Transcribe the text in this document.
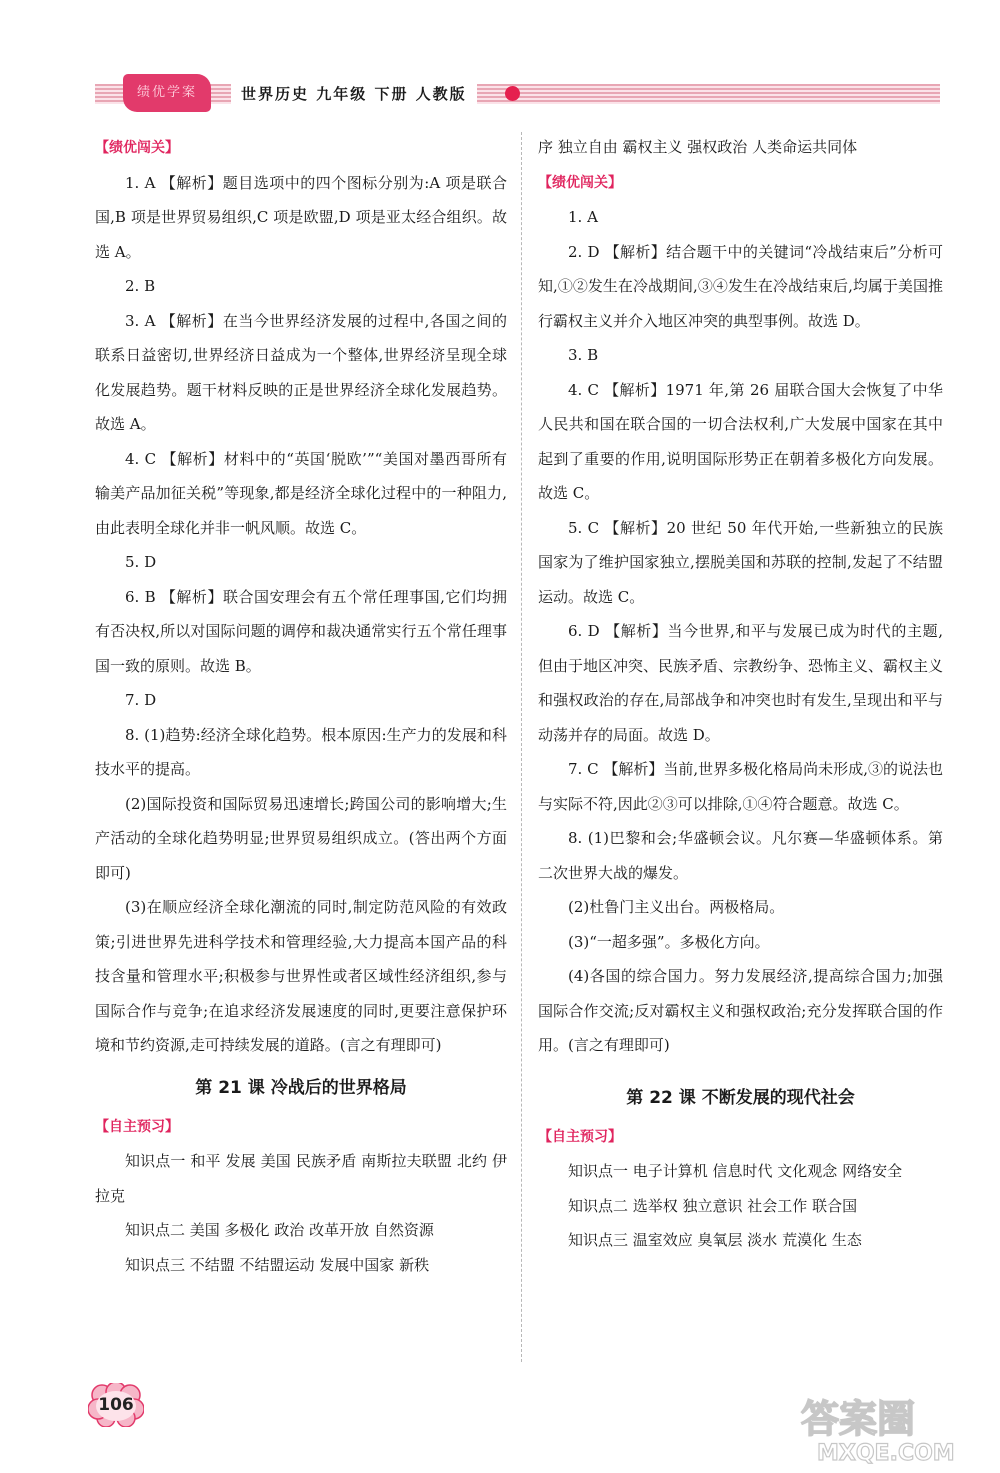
绩优学案	世界历史 九年级 下册 人教版

【绩优闯关】

1. A 【解析】题目选项中的四个图标分别为:A 项是联合国,B 项是世界贸易组织,C 项是欧盟,D 项是亚太经合组织。故选 A。

2. B

3. A 【解析】在当今世界经济发展的过程中,各国之间的联系日益密切,世界经济日益成为一个整体,世界经济呈现全球化发展趋势。题干材料反映的正是世界经济全球化发展趋势。故选 A。

4. C 【解析】材料中的“英国‘脱欧’”“美国对墨西哥所有输美产品加征关税”等现象,都是经济全球化过程中的一种阻力,由此表明全球化并非一帆风顺。故选 C。

5. D

6. B 【解析】联合国安理会有五个常任理事国,它们均拥有否决权,所以对国际问题的调停和裁决通常实行五个常任理事国一致的原则。故选 B。

7. D

8. (1)趋势:经济全球化趋势。根本原因:生产力的发展和科技水平的提高。

(2)国际投资和国际贸易迅速增长;跨国公司的影响增大;生产活动的全球化趋势明显;世界贸易组织成立。(答出两个方面即可)

(3)在顺应经济全球化潮流的同时,制定防范风险的有效政策;引进世界先进科学技术和管理经验,大力提高本国产品的科技含量和管理水平;积极参与世界性或者区域性经济组织,参与国际合作与竞争;在追求经济发展速度的同时,更要注意保护环境和节约资源,走可持续发展的道路。(言之有理即可)

第 21 课 冷战后的世界格局

【自主预习】

知识点一 和平 发展 美国 民族矛盾 南斯拉夫联盟 北约 伊拉克

知识点二 美国 多极化 政治 改革开放 自然资源

知识点三 不结盟 不结盟运动 发展中国家 新秩

序 独立自由 霸权主义 强权政治 人类命运共同体

【绩优闯关】

1. A

2. D 【解析】结合题干中的关键词“冷战结束后”分析可知,①②发生在冷战期间,③④发生在冷战结束后,均属于美国推行霸权主义并介入地区冲突的典型事例。故选 D。

3. B

4. C 【解析】1971 年,第 26 届联合国大会恢复了中华人民共和国在联合国的一切合法权利,广大发展中国家在其中起到了重要的作用,说明国际形势正在朝着多极化方向发展。故选 C。

5. C 【解析】20 世纪 50 年代开始,一些新独立的民族国家为了维护国家独立,摆脱美国和苏联的控制,发起了不结盟运动。故选 C。

6. D 【解析】当今世界,和平与发展已成为时代的主题,但由于地区冲突、民族矛盾、宗教纷争、恐怖主义、霸权主义和强权政治的存在,局部战争和冲突也时有发生,呈现出和平与动荡并存的局面。故选 D。

7. C 【解析】当前,世界多极化格局尚未形成,③的说法也与实际不符,因此②③可以排除,①④符合题意。故选 C。

8. (1)巴黎和会;华盛顿会议。凡尔赛—华盛顿体系。第二次世界大战的爆发。

(2)杜鲁门主义出台。两极格局。

(3)“一超多强”。多极化方向。

(4)各国的综合国力。努力发展经济,提高综合国力;加强国际合作交流;反对霸权主义和强权政治;充分发挥联合国的作用。(言之有理即可)

第 22 课 不断发展的现代社会

【自主预习】

知识点一 电子计算机 信息时代 文化观念 网络安全

知识点二 选举权 独立意识 社会工作 联合国

知识点三 温室效应 臭氧层 淡水 荒漠化 生态

106	答案圈
MXQE.COM
